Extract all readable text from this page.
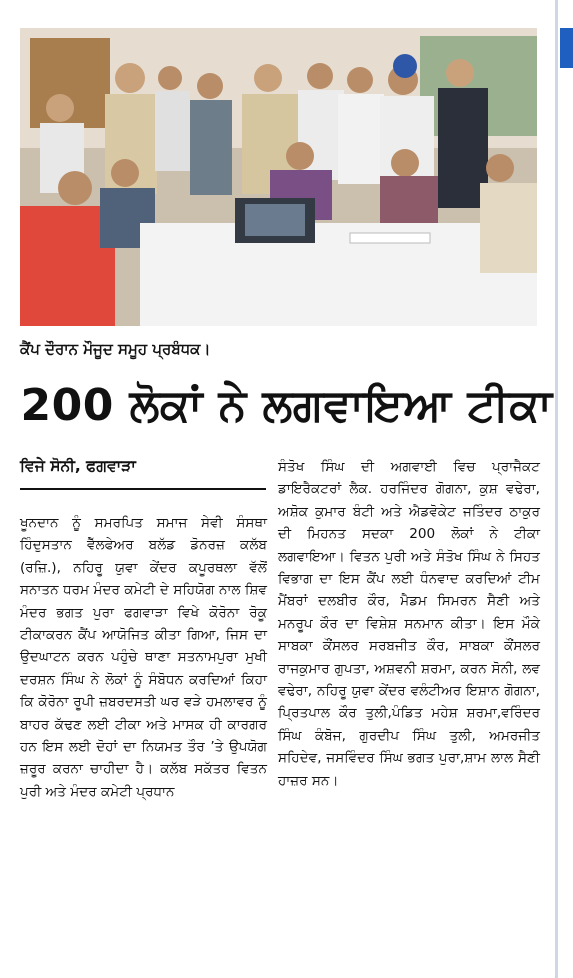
ਕੈਂਪ ਦੌਰਾਨ ਮੌਜੂਦ ਸਮੂਹ ਪ੍ਰਬੰਧਕ।
200 ਲੋਕਾਂ ਨੇ ਲਗਵਾਇਆ ਟੀਕਾ
ਵਿਜੇ ਸੋਨੀ, ਫਗਵਾੜਾ
ਖੂਨਦਾਨ ਨੂੰ ਸਮਰਪਿਤ ਸਮਾਜ ਸੇਵੀ ਸੰਸਥਾ ਹਿੰਦੁਸਤਾਨ ਵੈੱਲਫੇਅਰ ਬਲੱਡ ਡੋਨਰਜ਼ ਕਲੱਬ (ਰਜ਼ਿ.), ਨਹਿਰੂ ਯੁਵਾ ਕੇਂਦਰ ਕਪੂਰਥਲਾ ਵੱਲੋਂ ਸਨਾਤਨ ਧਰਮ ਮੰਦਰ ਕਮੇਟੀ ਦੇ ਸਹਿਯੋਗ ਨਾਲ ਸ਼ਿਵ ਮੰਦਰ ਭਗਤ ਪੁਰਾ ਫਗਵਾੜਾ ਵਿਖੇ ਕੋਰੋਨਾ ਰੋਕੂ ਟੀਕਾਕਰਨ ਕੈਂਪ ਆਯੋਜਿਤ ਕੀਤਾ ਗਿਆ, ਜਿਸ ਦਾ ਉਦਘਾਟਨ ਕਰਨ ਪਹੁੰਚੇ ਥਾਣਾ ਸਤਨਾਮਪੁਰਾ ਮੁਖੀ ਦਰਸ਼ਨ ਸਿੰਘ ਨੇ ਲੋਕਾਂ ਨੂੰ ਸੰਬੋਧਨ ਕਰਦਿਆਂ ਕਿਹਾ ਕਿ ਕੋਰੋਨਾ ਰੂਪੀ ਜ਼ਬਰਦਸਤੀ ਘਰ ਵੜੇ ਹਮਲਾਵਰ ਨੂੰ ਬਾਹਰ ਕੱਢਣ ਲਈ ਟੀਕਾ ਅਤੇ ਮਾਸਕ ਹੀ ਕਾਰਗਰ ਹਨ ਇਸ ਲਈ ਦੋਹਾਂ ਦਾ ਨਿਯਮਤ ਤੌਰ ’ਤੇ ਉਪਯੋਗ ਜ਼ਰੂਰ ਕਰਨਾ ਚਾਹੀਦਾ ਹੈ। ਕਲੱਬ ਸਕੱਤਰ ਵਿਤਨ ਪੁਰੀ ਅਤੇ ਮੰਦਰ ਕਮੇਟੀ ਪ੍ਰਧਾਨ
ਸੰਤੋਖ ਸਿੰਘ ਦੀ ਅਗਵਾਈ ਵਿਚ ਪ੍ਰਾਜੈਕਟ ਡਾਇਰੈਕਟਰਾਂ ਲੈਕ. ਹਰਜਿੰਦਰ ਗੋਗਨਾ, ਕੁਸ਼ ਵਢੇਰਾ, ਅਸ਼ੋਕ ਕੁਮਾਰ ਬੰਟੀ ਅਤੇ ਐਡਵੋਕੇਟ ਜਤਿੰਦਰ ਠਾਕੁਰ ਦੀ ਮਿਹਨਤ ਸਦਕਾ 200 ਲੋਕਾਂ ਨੇ ਟੀਕਾ ਲਗਵਾਇਆ। ਵਿਤਨ ਪੁਰੀ ਅਤੇ ਸੰਤੋਖ ਸਿੰਘ ਨੇ ਸਿਹਤ ਵਿਭਾਗ ਦਾ ਇਸ ਕੈਂਪ ਲਈ ਧੰਨਵਾਦ ਕਰਦਿਆਂ ਟੀਮ ਮੈਂਬਰਾਂ ਦਲਬੀਰ ਕੌਰ, ਮੈਡਮ ਸਿਮਰਨ ਸੈਣੀ ਅਤੇ ਮਨਰੂਪ ਕੌਰ ਦਾ ਵਿਸ਼ੇਸ਼ ਸਨਮਾਨ ਕੀਤਾ। ਇਸ ਮੌਕੇ ਸਾਬਕਾ ਕੌਂਸਲਰ ਸਰਬਜੀਤ ਕੌਰ, ਸਾਬਕਾ ਕੌਂਸਲਰ ਰਾਜਕੁਮਾਰ ਗੁਪਤਾ, ਅਸ਼ਵਨੀ ਸ਼ਰਮਾ, ਕਰਨ ਸੋਨੀ, ਲਵ ਵਢੇਰਾ, ਨਹਿਰੂ ਯੁਵਾ ਕੇਂਦਰ ਵਲੰਟੀਅਰ ਇਸ਼ਾਨ ਗੋਗਨਾ, ਪ੍ਰਿਤਪਾਲ ਕੌਰ ਤੁਲੀ,ਪੰਡਿਤ ਮਹੇਸ਼ ਸ਼ਰਮਾ,ਵਰਿੰਦਰ ਸਿੰਘ ਕੰਬੋਜ, ਗੁਰਦੀਪ ਸਿੰਘ ਤੁਲੀ, ਅਮਰਜੀਤ ਸਹਿਦੇਵ, ਜਸਵਿੰਦਰ ਸਿੰਘ ਭਗਤ ਪੁਰਾ,ਸ਼ਾਮ ਲਾਲ ਸੈਣੀ ਹਾਜ਼ਰ ਸਨ।
